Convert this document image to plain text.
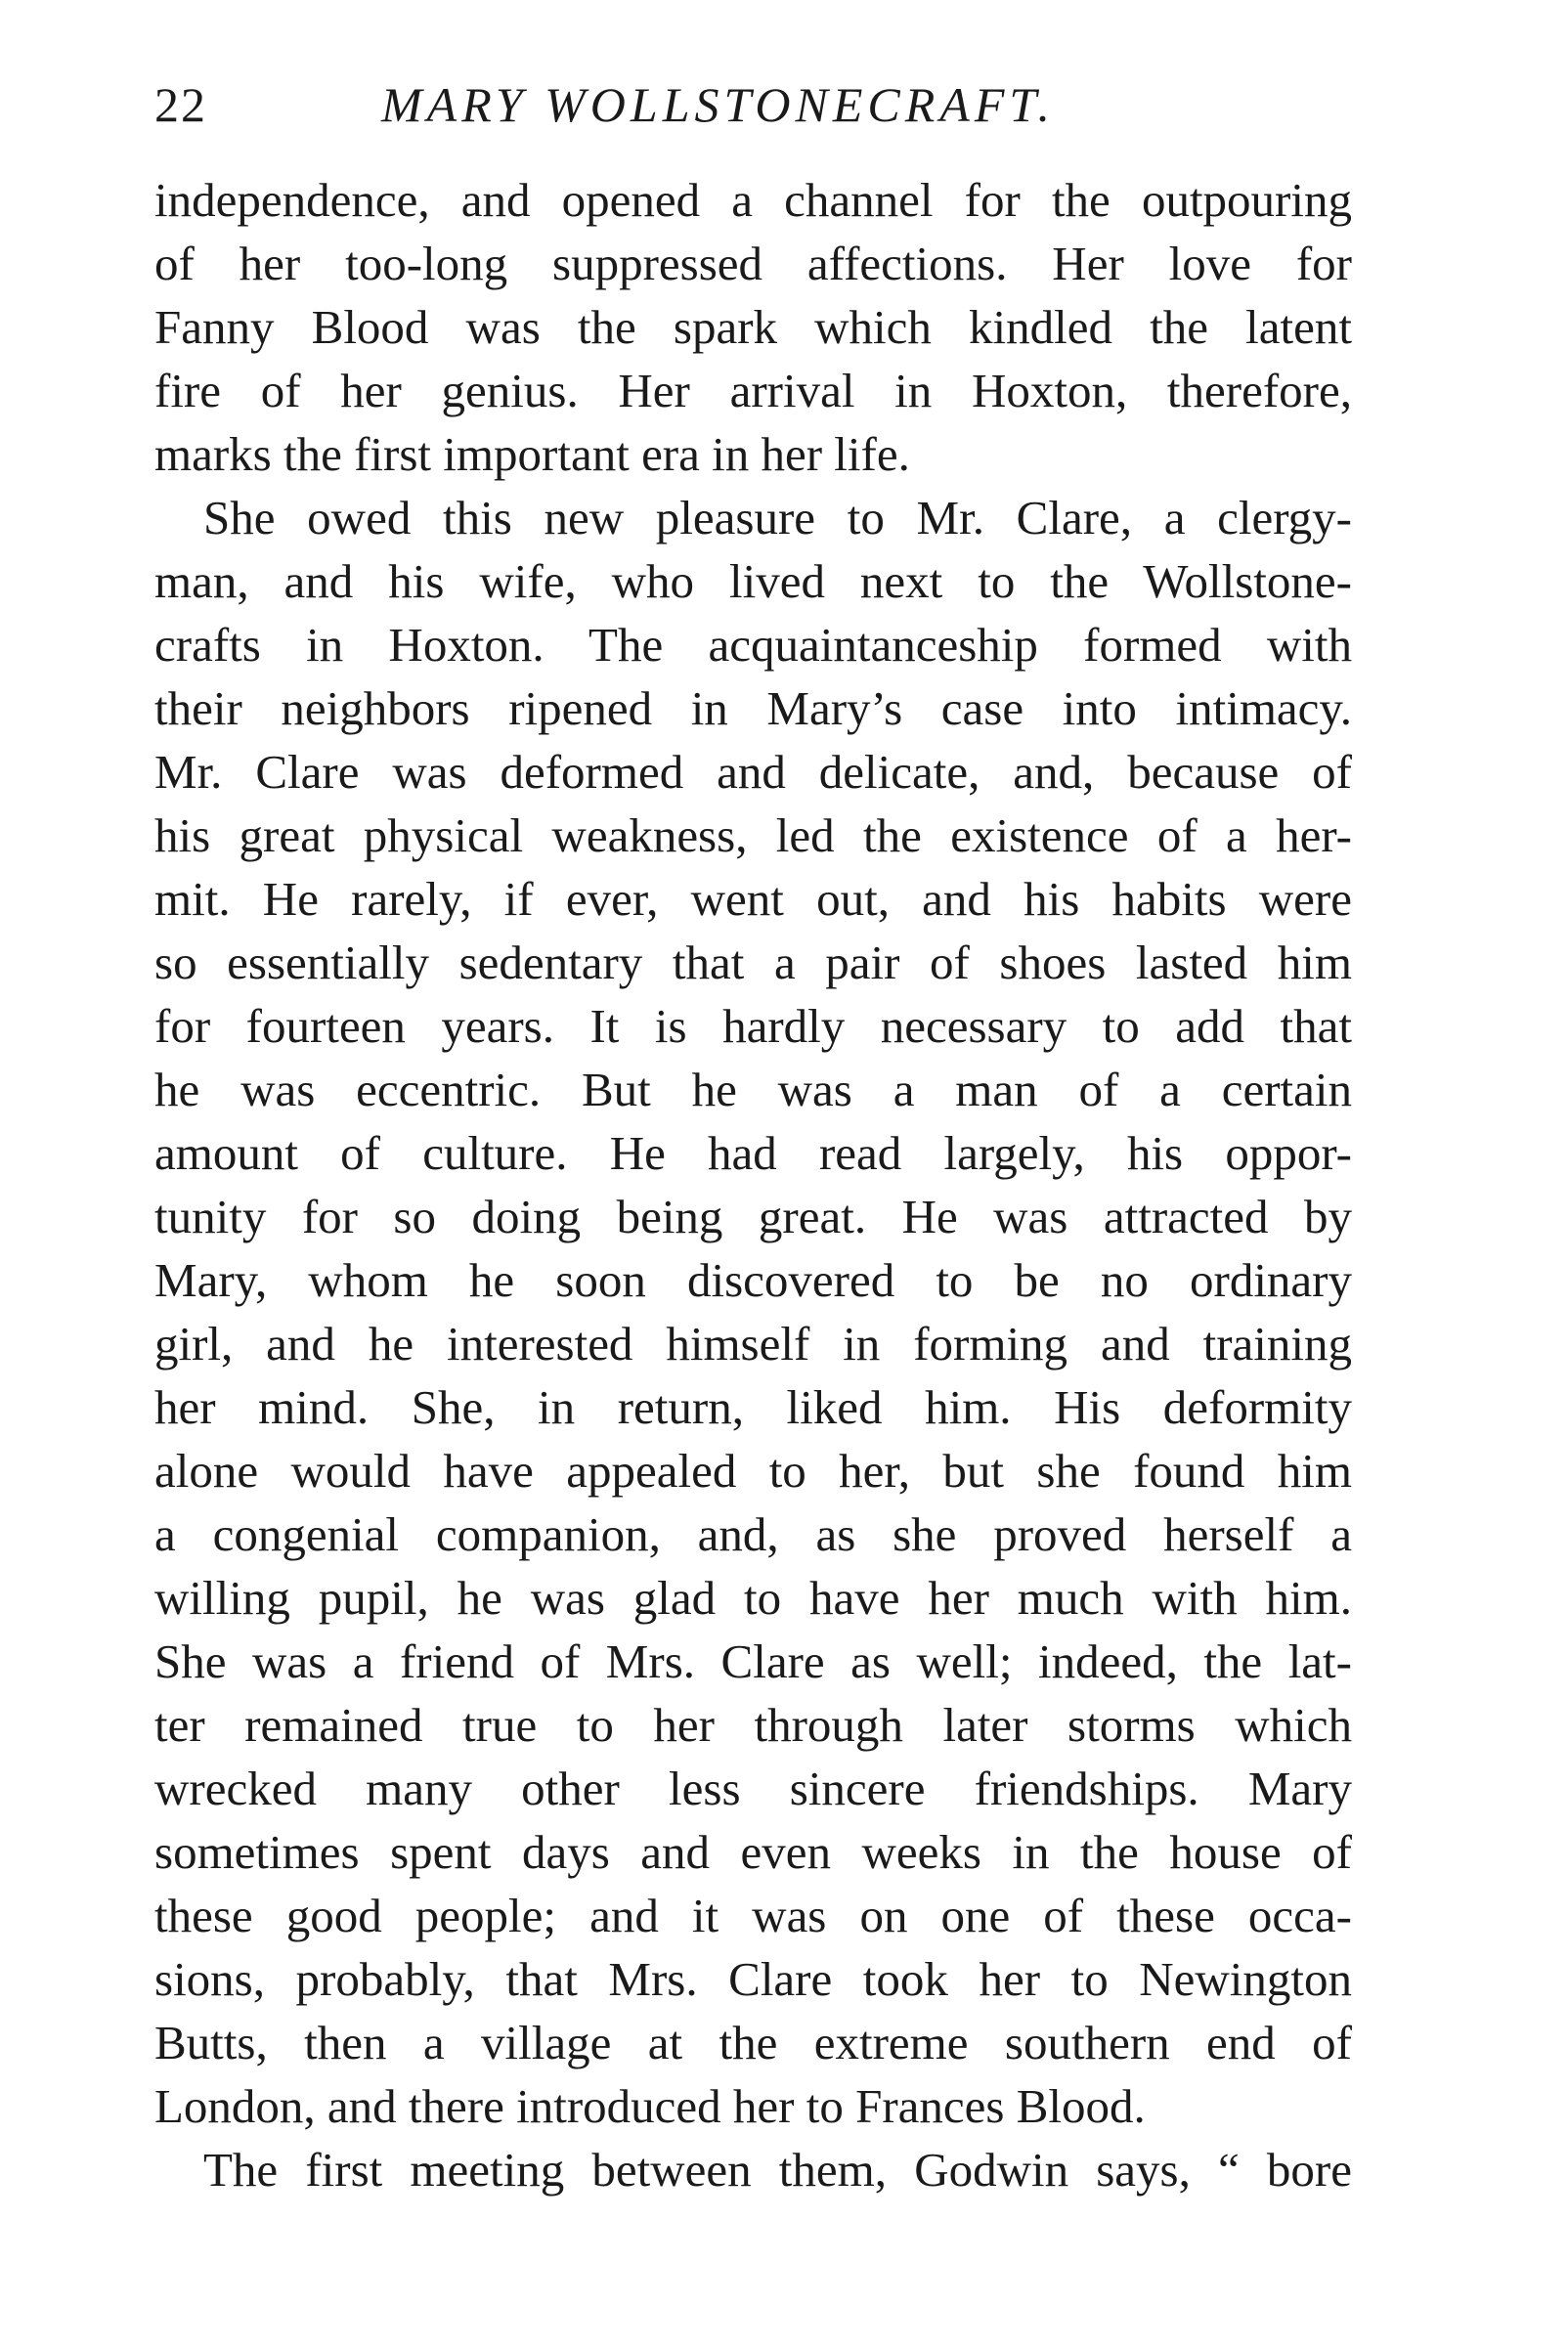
22	MARY WOLLSTONECRAFT.
independence, and opened a channel for the outpouring
of her too-long suppressed affections. Her love for
Fanny Blood was the spark which kindled the latent
fire of her genius. Her arrival in Hoxton, therefore,
marks the first important era in her life.
She owed this new pleasure to Mr. Clare, a clergy-
man, and his wife, who lived next to the Wollstone-
crafts in Hoxton. The acquaintanceship formed with
their neighbors ripened in Mary’s case into intimacy.
Mr. Clare was deformed and delicate, and, because of
his great physical weakness, led the existence of a her-
mit. He rarely, if ever, went out, and his habits were
so essentially sedentary that a pair of shoes lasted him
for fourteen years. It is hardly necessary to add that
he was eccentric. But he was a man of a certain
amount of culture. He had read largely, his oppor-
tunity for so doing being great. He was attracted by
Mary, whom he soon discovered to be no ordinary
girl, and he interested himself in forming and training
her mind. She, in return, liked him. His deformity
alone would have appealed to her, but she found him
a congenial companion, and, as she proved herself a
willing pupil, he was glad to have her much with him.
She was a friend of Mrs. Clare as well; indeed, the lat-
ter remained true to her through later storms which
wrecked many other less sincere friendships. Mary
sometimes spent days and even weeks in the house of
these good people; and it was on one of these occa-
sions, probably, that Mrs. Clare took her to Newington
Butts, then a village at the extreme southern end of
London, and there introduced her to Frances Blood.
The first meeting between them, Godwin says, “ bore
